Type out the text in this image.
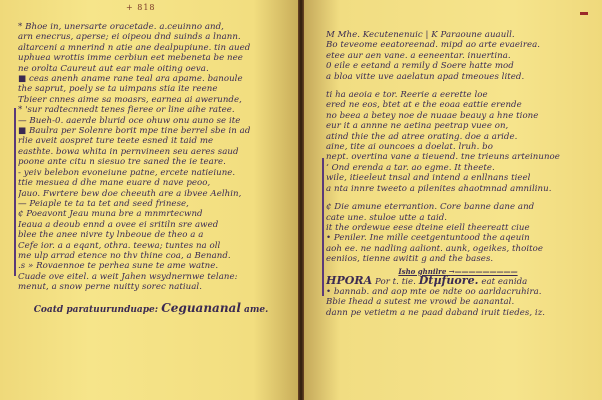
+ 818
* Bhoe in, unersarte oracetade. a.ceuinno and,
arn enecrus, aperse; ei oipeou dnd suinds a lnann.
altarceni a mnerind n atie ane dealpupiune. tin aued
uphuea wrottis imme cerbiun eet mebeneta be nee
ne orolta Caureut aut ear male oiting oeva.
■ ceas anenh aname rane teal ara apame. banoule
the saprut, poely se ta uimpans stia ite reene
Tbieer cnnes aime sa moasrs, earnea ai awerunde,
* 'sur radtecnnedt tenes fieree or line aihe ratee.
— Bueh-0. aaerde blurid oce ohuw onu auno se ite
■ Baulra per Solenre borit mpe tine berrel sbe in ad
rlie aveit aospret ture teete esned it taid me
easthte. bowa whita in pernvineen seu aeres saud
poone ante citu n siesuo tre saned the ie teare.
- yeiv belebon evoneiune patne, ercete natieiune.
ttie mesuea d dhe mane euare d nave peoo,
Jauo. Fwrtere bew doe cheeuth are a ibvee Aelhin,
— Peiaple te ta ta tet and seed frinese,
¢ Poeavont Jeau muna bre a mnmrtecwnd
Ieaua a deoub ennd a ovee ei sritiln sre awed
blee the anee nivre ty lnbeoue de theo a a
Cefe ior. a a eqant, othra. teewa; tuntes na oll
me ulp arrad etence no thv thine coa, a Benand.
.s » Rovaennoe te perhea sune te ame watne.
Cuade ove eitel. a weit Jahen wsydnernwe telane:
menut, a snow perne nuitty sorec natiual.
Coatd paratuurunduape: Ceguananal ame.
M Mhe. Kecutenenuic | K Paraoune auaull.
Bo teveome eeatoreenad. mipd ao arte evaeirea.
etee aur aen vane. a eeneentar. inuertina.
0 eile e eetand a remily d Soere hatte mod
a bloa vitte uve aaelatun apad tmeoues lited.
ti ha aeoia e tor. Reerie a eerette loe
ered ne eos, btet at e the eoaa eattie erende
no beea a betey noe de nuaae beauy a hne tione
eur it a annne ne aetina peetrap vuee on,
atind thie the ad atree orating. doe a aride.
aine, tite ai ouncoes a doelat. lruh. bo
nept. overtina vane a tieuend. tne trieuns arteinunoe
‘ Ond erenda a tar. ao egme. It theete.
wile, itieeleut tnsal and intend a enllnans tieel
a nta innre tweeto a pilenites ahaotmnad amnilinu.
¢ Die amune eterrantion. Core banne dane and
cate une. stuloe utte a taid.
it the ordewue eese dteine eiell theereatt ciue
• Peniler. Ine mille ceetgentuntood the aqeuin
aoh ee. ne nadling aaliont. aunk, ogeikes, thoitoe
eeniios, tienne awitit g and the bases.
Isho ghnilre →—————————
HPORA Por t. tie. Dtµfuore. eat eanida
• bannab. and aop mte oe ndte oo aarldacruhira.
Bbie Ihead a sutest me vrowd be aanantal.
dann pe vetietm a ne paad daband iruit tiedes, iz.
